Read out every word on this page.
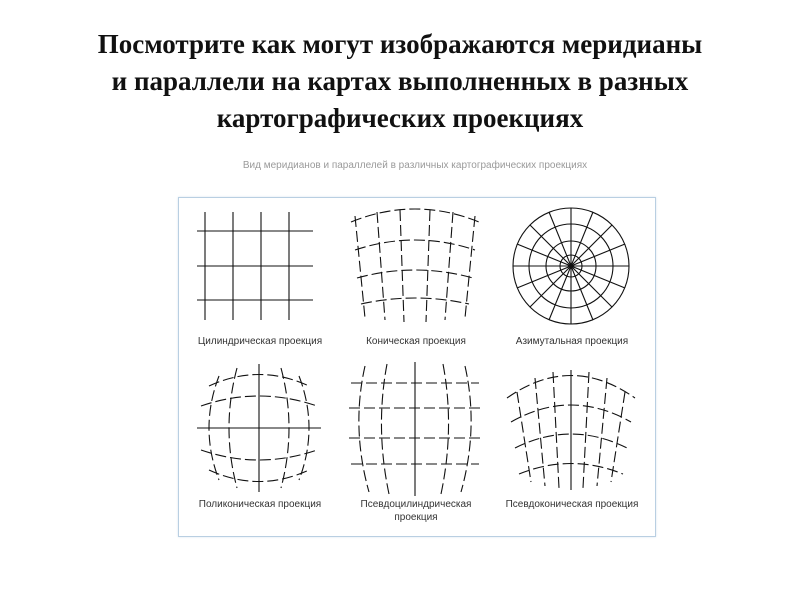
Посмотрите как могут изображаются меридианы
и параллели на картах выполненных в разных
картографических проекциях

Вид меридианов и параллелей в различных картографических проекциях

Цилиндрическая проекция	Коническая проекция	Азимутальная проекция
Поликоническая проекция	Псевдоцилиндрическая
проекция
Псевдоконическая проекция
